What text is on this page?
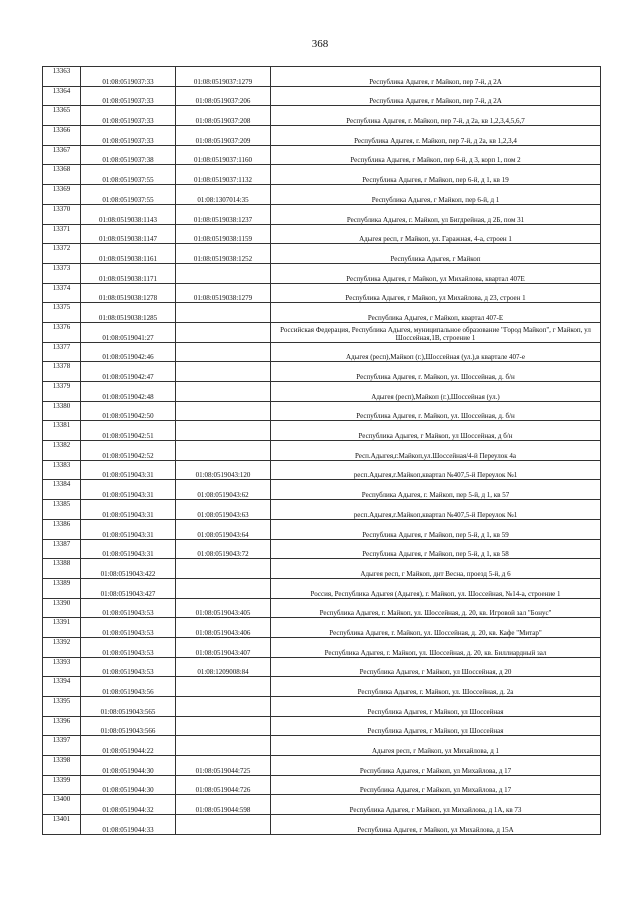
368
13363	01:08:0519037:33	01:08:0519037:1279	Республика Адыгея, г Майкоп, пер 7-й, д 2А
13364	01:08:0519037:33	01:08:0519037:206	Республика Адыгея, г Майкоп, пер 7-й, д 2А
13365	01:08:0519037:33	01:08:0519037:208	Республика Адыгея, г. Майкоп, пер 7-й, д 2а, кв 1,2,3,4,5,6,7
13366	01:08:0519037:33	01:08:0519037:209	Республика Адыгея, г. Майкоп, пер 7-й, д 2а, кв 1,2,3,4
13367	01:08:0519037:38	01:08:0519037:1160	Республика Адыгея, г Майкоп, пер 6-й, д 3, корп 1, пом 2
13368	01:08:0519037:55	01:08:0519037:1132	Республика Адыгея, г Майкоп, пер 6-й, д 1, кв 19
13369	01:08:0519037:55	01:08:1307014:35	Республика Адыгея, г Майкоп, пер 6-й, д 1
13370	01:08:0519038:1143	01:08:0519038:1237	Республика Адыгея, г. Майкоп, ул Бигдрейная, д 2Б, пом 31
13371	01:08:0519038:1147	01:08:0519038:1159	Адыгея респ, г Майкоп, ул. Гаражная, 4-а, строен 1
13372	01:08:0519038:1161	01:08:0519038:1252	Республика Адыгея, г Майкоп
13373	01:08:0519038:1171		Республика Адыгея, г Майкоп, ул Михайлова, квартал 407Е
13374	01:08:0519038:1278	01:08:0519038:1279	Республика Адыгея, г Майкоп, ул Михайлова, д 23, строен 1
13375	01:08:0519038:1285		Республика Адыгея, г Майкоп, квартал 407-Е
13376	01:08:0519041:27		Российская Федерация, Республика Адыгея, муниципальное образование "Город Майкоп", г Майкоп, ул Шоссейная,1В, строение 1
13377	01:08:0519042:46		Адыгея (респ),Майкоп (г.),Шоссейная (ул.),в квартале 407-е
13378	01:08:0519042:47		Республика Адыгея, г. Майкоп, ул. Шоссейная, д. б/н
13379	01:08:0519042:48		Адыгея (респ),Майкоп (г.),Шоссейная (ул.)
13380	01:08:0519042:50		Республика Адыгея, г. Майкоп, ул. Шоссейная, д. б/н
13381	01:08:0519042:51		Республика Адыгея, г Майкоп, ул Шоссейная, д б/н
13382	01:08:0519042:52		Респ.Адыгея,г.Майкоп,ул.Шоссейная/4-й Переулок 4а
13383	01:08:0519043:31	01:08:0519043:120	респ.Адыгея,г.Майкоп,квартал №407,5-й Переулок №1
13384	01:08:0519043:31	01:08:0519043:62	Республика Адыгея, г. Майкоп, пер 5-й, д 1, кв 57
13385	01:08:0519043:31	01:08:0519043:63	респ.Адыгея,г.Майкоп,квартал №407,5-й Переулок №1
13386	01:08:0519043:31	01:08:0519043:64	Республика Адыгея, г Майкоп, пер 5-й, д 1, кв 59
13387	01:08:0519043:31	01:08:0519043:72	Республика Адыгея, г Майкоп, пер 5-й, д 1, кв 58
13388	01:08:0519043:422		Адыгея респ, г Майкоп, днт Весна, проезд 5-й, д 6
13389	01:08:0519043:427		Россия, Республика Адыгея (Адыгея), г. Майкоп, ул. Шоссейная, №14-а, строение 1
13390	01:08:0519043:53	01:08:0519043:405	Республика Адыгея, г. Майкоп, ул. Шоссейная, д. 20, кв. Игровой зал "Бонус"
13391	01:08:0519043:53	01:08:0519043:406	Республика Адыгея, г. Майкоп, ул. Шоссейная, д. 20, кв. Кафе "Митар"
13392	01:08:0519043:53	01:08:0519043:407	Республика Адыгея, г. Майкоп, ул. Шоссейная, д. 20, кв. Биллиардный зал
13393	01:08:0519043:53	01:08:1209008:84	Республика Адыгея, г Майкоп, ул Шоссейная, д 20
13394	01:08:0519043:56		Республика Адыгея, г. Майкоп, ул. Шоссейная, д. 2а
13395	01:08:0519043:565		Республика Адыгея, г Майкоп, ул Шоссейная
13396	01:08:0519043:566		Республика Адыгея, г Майкоп, ул Шоссейная
13397	01:08:0519044:22		Адыгея респ, г Майкоп, ул Михайлова, д 1
13398	01:08:0519044:30	01:08:0519044:725	Республика Адыгея, г Майкоп, ул Михайлова, д 17
13399	01:08:0519044:30	01:08:0519044:726	Республика Адыгея, г Майкоп, ул Михайлова, д 17
13400	01:08:0519044:32	01:08:0519044:598	Республика Адыгея, г Майкоп, ул Михайлова, д 1А, кв 73
13401	01:08:0519044:33		Республика Адыгея, г Майкоп, ул Михайлова, д 15А
